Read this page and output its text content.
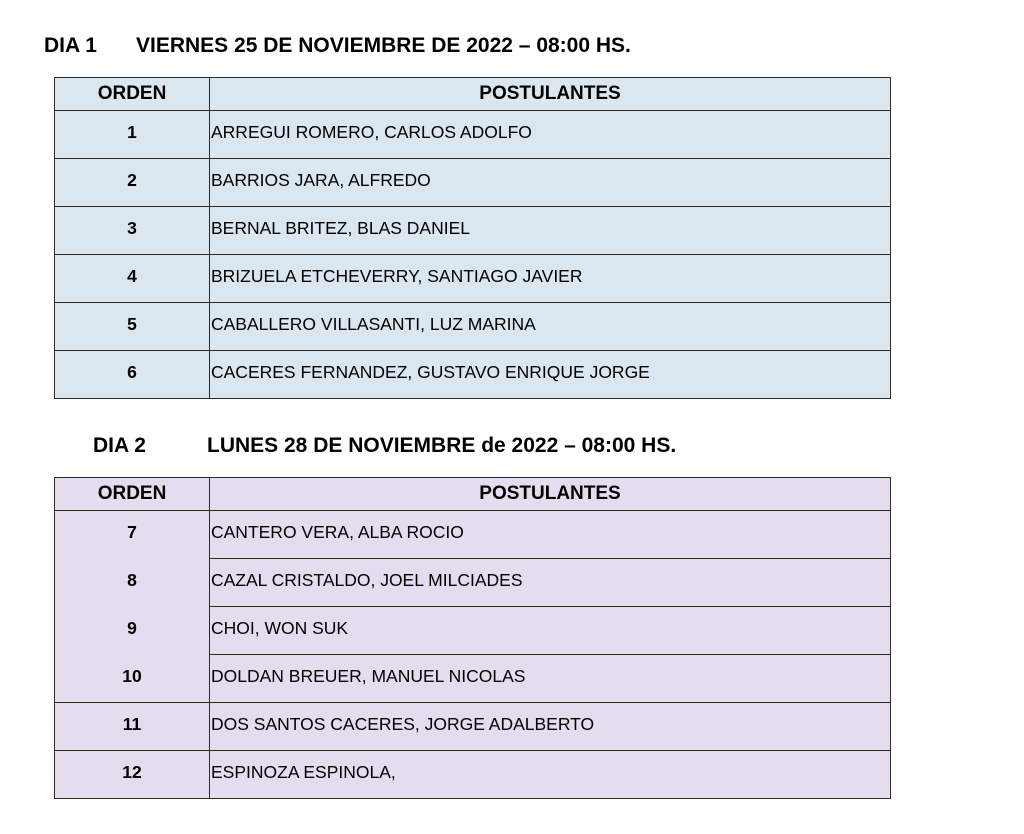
DIA 1 VIERNES 25 DE NOVIEMBRE DE 2022 – 08:00 HS.
ORDEN	POSTULANTES
1	ARREGUI ROMERO, CARLOS ADOLFO
2	BARRIOS JARA, ALFREDO
3	BERNAL BRITEZ, BLAS DANIEL
4	BRIZUELA ETCHEVERRY, SANTIAGO JAVIER
5	CABALLERO VILLASANTI, LUZ MARINA
6	CACERES FERNANDEZ, GUSTAVO ENRIQUE JORGE
DIA 2	LUNES 28 DE NOVIEMBRE de 2022 – 08:00 HS.
ORDEN	POSTULANTES
7	CANTERO VERA, ALBA ROCIO
8	CAZAL CRISTALDO, JOEL MILCIADES
9	CHOI, WON SUK
10	DOLDAN BREUER, MANUEL NICOLAS
11	DOS SANTOS CACERES, JORGE ADALBERTO
12	ESPINOZA ESPINOLA,
